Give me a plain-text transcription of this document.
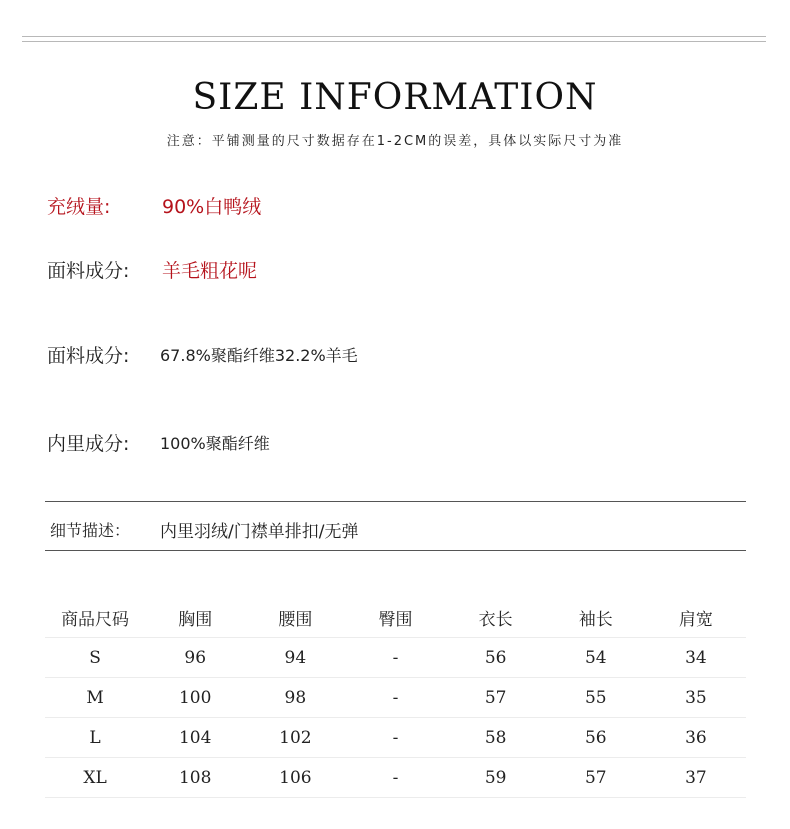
SIZE INFORMATION
注意：平铺测量的尺寸数据存在1-2CM的误差，具体以实际尺寸为准
充绒量:	90%白鸭绒
面料成分: 羊毛粗花呢
面料成分: 67.8%聚酯纤维32.2%羊毛
内里成分: 100%聚酯纤维
细节描述： 内里羽绒/门襟单排扣/无弹
商品尺码	胸围	腰围	臀围	衣长	袖长	肩宽
S	96	94	-	56	54	34
M	100	98	-	57	55	35
L	104	102	-	58	56	36
XL	108	106	-	59	57	37
